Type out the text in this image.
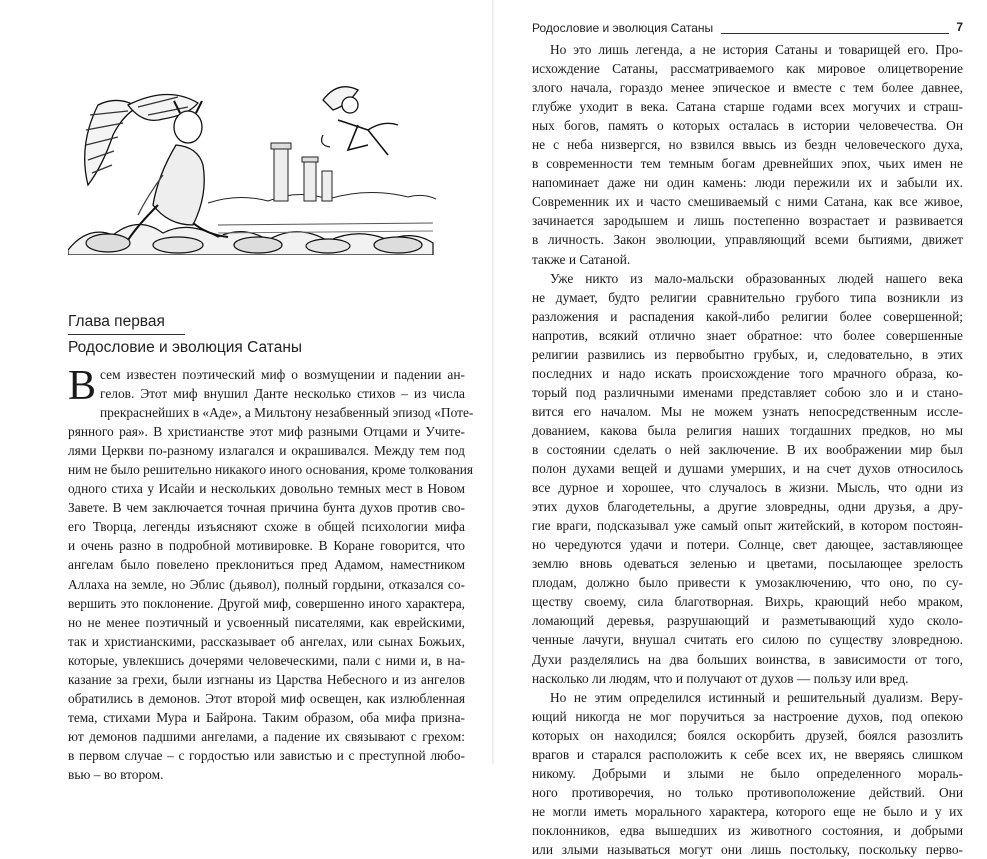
Глава первая
Родословие и эволюция Сатаны
В сем известен поэтический миф о возмущении и падении ан-
гелов. Этот миф внушил Данте несколько стихов – из числа
прекраснейших в «Аде», а Мильтону незабвенный эпизод «Потe-
рянного рая». В христианстве этот миф разными Отцами и Учите-
лями Церкви по-разному излагался и окрашивался. Между тем под
ним не было решительно никакого иного основания, кроме толкования
одного стиха у Исайи и нескольких довольно темных мест в Новом
Завете. В чем заключается точная причина бунта духов против сво-
его Творца, легенды изъясняют схоже в общей психологии мифа
и очень разно в подробной мотивировке. В Коране говорится, что
ангелам было повелено преклониться пред Адамом, наместником
Аллаха на земле, но Эблис (дьявол), полный гордыни, отказался со-
вершить это поклонение. Другой миф, совершенно иного характера,
но не менее поэтичный и усвоенный писателями, как еврейскими,
так и христианскими, рассказывает об ангелах, или сынах Божьих,
которые, увлекшись дочерями человеческими, пали с ними и, в на-
казание за грехи, были изгнаны из Царства Небесного и из ангелов
обратились в демонов. Этот второй миф освещен, как излюбленная
тема, стихами Мура и Байрона. Таким образом, оба мифа призна-
ют демонов падшими ангелами, а падение их связывают с грехом:
в первом случае – с гордостью или завистью и с преступной любо-
вью – во втором.
Родословие и эволюция Сатаны	7
Но это лишь легенда, а не история Сатаны и товарищей его. Про-
исхождение Сатаны, рассматриваемого как мировое олицетворение
злого начала, гораздо менее эпическое и вместе с тем более давнее,
глубже уходит в века. Сатана старше годами всех могучих и страш-
ных богов, память о которых осталась в истории человечества. Он
не с неба низвергся, но взвился ввысь из бездн человеческого духа,
в современности тем темным богам древнейших эпох, чьих имен не
напоминает даже ни один камень: люди пережили их и забыли их.
Современник их и часто смешиваемый с ними Сатана, как все живое,
зачинается зародышем и лишь постепенно возрастает и развивается
в личность. Закон эволюции, управляющий всеми бытиями, движет
также и Сатаной.
Уже никто из мало-мальски образованных людей нашего века
не думает, будто религии сравнительно грубого типа возникли из
разложения и распадения какой-либо религии более совершенной;
напротив, всякий отлично знает обратное: что более совершенные
религии развились из первобытно грубых, и, следовательно, в этих
последних и надо искать происхождение того мрачного образа, ко-
торый под различными именами представляет собою зло и и стано-
вится его началом. Мы не можем узнать непосредственным иссле-
дованием, какова была религия наших тогдашних предков, но мы
в состоянии сделать о ней заключение. В их воображении мир был
полон духами вещей и душами умерших, и на счет духов относилось
все дурное и хорошее, что случалось в жизни. Мысль, что одни из
этих духов благодетельны, а другие зловредны, одни друзья, а дру-
гие враги, подсказывал уже самый опыт житейский, в котором постоян-
но чередуются удачи и потери. Солнце, свет дающее, заставляющее
землю вновь одеваться зеленью и цветами, посылающее зрелость
плодам, должно было привести к умозаключению, что оно, по су-
ществу своему, сила благотворная. Вихрь, крающий небо мраком,
ломающий деревья, разрушающий и разметывающий худо сколо-
ченные лачуги, внушал считать его силою по существу зловредною.
Духи разделялись на два больших воинства, в зависимости от того,
насколько ли людям, что и получают от духов — пользу или вред.
Но не этим определился истинный и решительный дуализм. Веру-
ющий никогда не мог поручиться за настроение духов, под опекою
которых он находился; боялся оскорбить друзей, боялся разозлить
врагов и старался расположить к себе всех их, не вверяясь слишком
никому. Добрыми и злыми не было определенного мораль-
ного противоречия, но только противоположение действий. Они
не могли иметь морального характера, которого еще не было и у их
поклонников, едва вышедших из животного состояния, и добрыми
или злыми называться могут они лишь постольку, поскольку перво-
